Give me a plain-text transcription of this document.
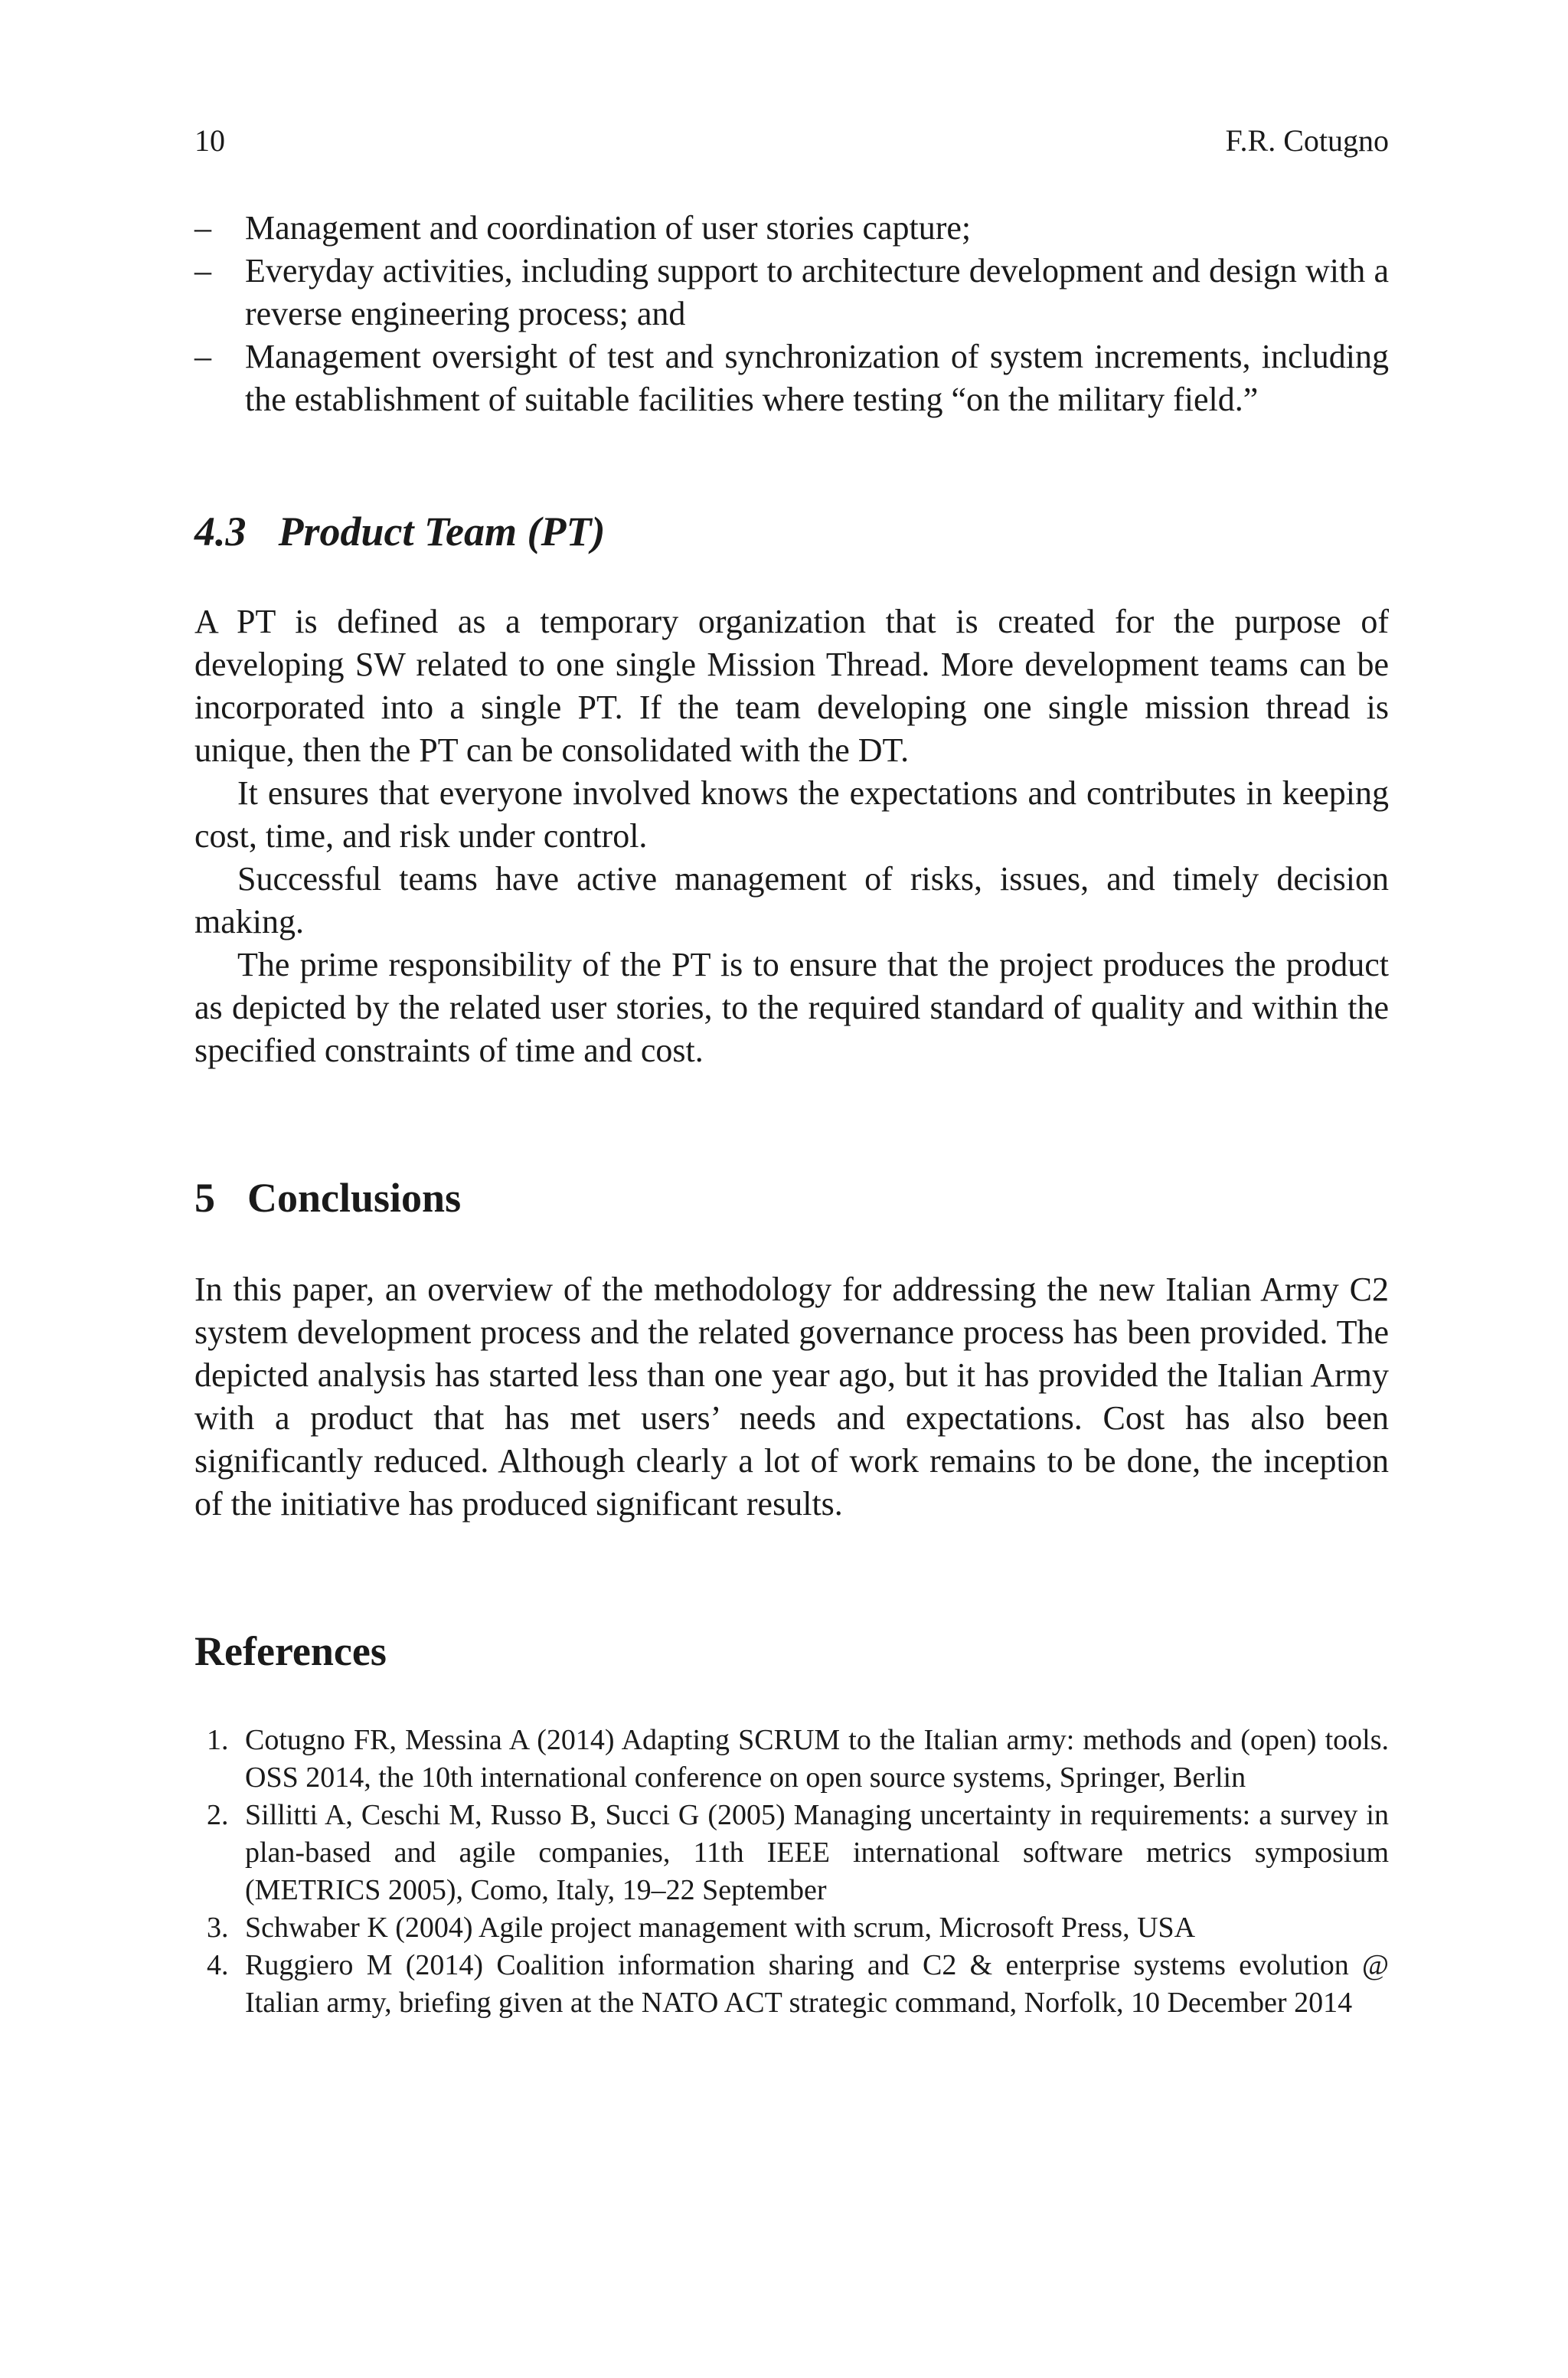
10	F.R. Cotugno
– Management and coordination of user stories capture;
– Everyday activities, including support to architecture development and design with a reverse engineering process; and
– Management oversight of test and synchronization of system increments, including the establishment of suitable facilities where testing “on the military field.”
4.3 Product Team (PT)

A PT is defined as a temporary organization that is created for the purpose of developing SW related to one single Mission Thread. More development teams can be incorporated into a single PT. If the team developing one single mission thread is unique, then the PT can be consolidated with the DT.

It ensures that everyone involved knows the expectations and contributes in keeping cost, time, and risk under control.

Successful teams have active management of risks, issues, and timely decision making.

The prime responsibility of the PT is to ensure that the project produces the product as depicted by the related user stories, to the required standard of quality and within the specified constraints of time and cost.

5 Conclusions

In this paper, an overview of the methodology for addressing the new Italian Army C2 system development process and the related governance process has been provided. The depicted analysis has started less than one year ago, but it has provided the Italian Army with a product that has met users’ needs and expectations. Cost has also been significantly reduced. Although clearly a lot of work remains to be done, the inception of the initiative has produced significant results.

References
1. Cotugno FR, Messina A (2014) Adapting SCRUM to the Italian army: methods and (open) tools. OSS 2014, the 10th international conference on open source systems, Springer, Berlin
2. Sillitti A, Ceschi M, Russo B, Succi G (2005) Managing uncertainty in requirements: a survey in plan-based and agile companies, 11th IEEE international software metrics symposium (METRICS 2005), Como, Italy, 19–22 September
3. Schwaber K (2004) Agile project management with scrum, Microsoft Press, USA
4. Ruggiero M (2014) Coalition information sharing and C2 & enterprise systems evolution @ Italian army, briefing given at the NATO ACT strategic command, Norfolk, 10 December 2014
